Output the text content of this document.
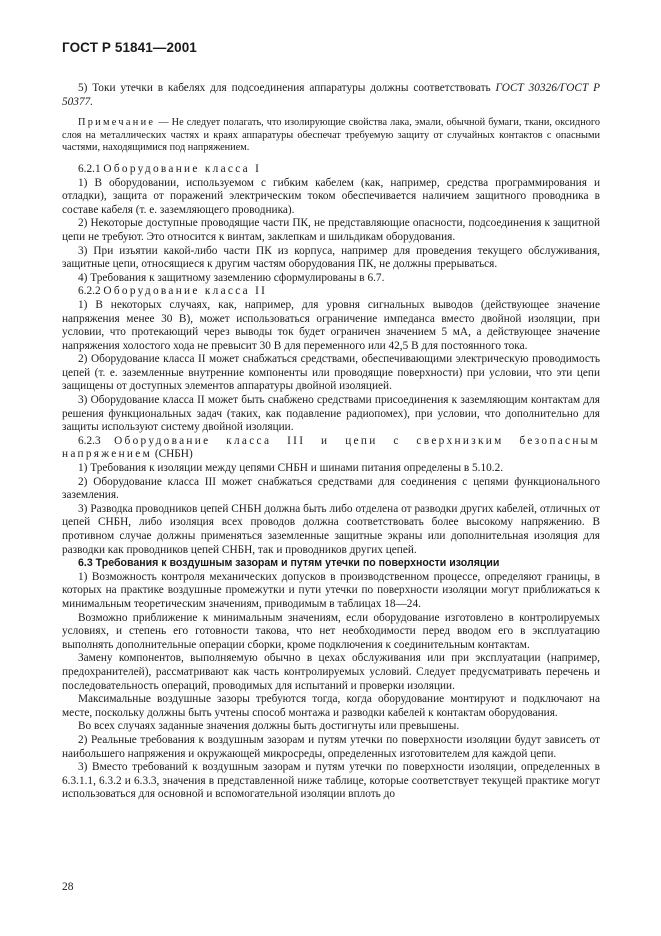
ГОСТ Р 51841—2001

5) Токи утечки в кабелях для подсоединения аппаратуры должны соответствовать ГОСТ 30326/ГОСТ Р 50377.

Примечание — Не следует полагать, что изолирующие свойства лака, эмали, обычной бумаги, ткани, оксидного слоя на металлических частях и краях аппаратуры обеспечат требуемую защиту от случайных контактов с опасными частями, находящимися под напряжением.

6.2.1 Оборудование класса I

1) В оборудовании, используемом с гибким кабелем (как, например, средства программирования и отладки), защита от поражений электрическим током обеспечивается наличием защитного проводника в составе кабеля (т. е. заземляющего проводника).

2) Некоторые доступные проводящие части ПК, не представляющие опасности, подсоединения к защитной цепи не требуют. Это относится к винтам, заклепкам и шильдикам оборудования.

3) При изъятии какой-либо части ПК из корпуса, например для проведения текущего обслуживания, защитные цепи, относящиеся к другим частям оборудования ПК, не должны прерываться.

4) Требования к защитному заземлению сформулированы в 6.7.

6.2.2 Оборудование класса II

1) В некоторых случаях, как, например, для уровня сигнальных выводов (действующее значение напряжения менее 30 В), может использоваться ограничение импеданса вместо двойной изоляции, при условии, что протекающий через выводы ток будет ограничен значением 5 мА, а действующее значение напряжения холостого хода не превысит 30 В для переменного или 42,5 В для постоянного тока.

2) Оборудование класса II может снабжаться средствами, обеспечивающими электрическую проводимость цепей (т. е. заземленные внутренние компоненты или проводящие поверхности) при условии, что эти цепи защищены от доступных элементов аппаратуры двойной изоляцией.

3) Оборудование класса II может быть снабжено средствами присоединения к заземляющим контактам для решения функциональных задач (таких, как подавление радиопомех), при условии, что дополнительно для защиты используют систему двойной изоляции.

6.2.3 Оборудование класса III и цепи с сверхнизким безопасным напряжением (СНБН)

1) Требования к изоляции между цепями СНБН и шинами питания определены в 5.10.2.

2) Оборудование класса III может снабжаться средствами для соединения с цепями функционального заземления.

3) Разводка проводников цепей СНБН должна быть либо отделена от разводки других кабелей, отличных от цепей СНБН, либо изоляция всех проводов должна соответствовать более высокому напряжению. В противном случае должны применяться заземленные защитные экраны или дополнительная изоляция для разводки как проводников цепей СНБН, так и проводников других цепей.

6.3 Требования к воздушным зазорам и путям утечки по поверхности изоляции

1) Возможность контроля механических допусков в производственном процессе, определяют границы, в которых на практике воздушные промежутки и пути утечки по поверхности изоляции могут приближаться к минимальным теоретическим значениям, приводимым в таблицах 18—24.

Возможно приближение к минимальным значениям, если оборудование изготовлено в контролируемых условиях, и степень его готовности такова, что нет необходимости перед вводом его в эксплуатацию выполнять дополнительные операции сборки, кроме подключения к соединительным контактам.

Замену компонентов, выполняемую обычно в цехах обслуживания или при эксплуатации (например, предохранителей), рассматривают как часть контролируемых условий. Следует предусматривать перечень и последовательность операций, проводимых для испытаний и проверки изоляции.

Максимальные воздушные зазоры требуются тогда, когда оборудование монтируют и подключают на месте, поскольку должны быть учтены способ монтажа и разводки кабелей к контактам оборудования.

Во всех случаях заданные значения должны быть достигнуты или превышены.

2) Реальные требования к воздушным зазорам и путям утечки по поверхности изоляции будут зависеть от наибольшего напряжения и окружающей микросреды, определенных изготовителем для каждой цепи.

3) Вместо требований к воздушным зазорам и путям утечки по поверхности изоляции, определенных в 6.3.1.1, 6.3.2 и 6.3.3, значения в представленной ниже таблице, которые соответствует текущей практике могут использоваться для основной и вспомогательной изоляции вплоть до

28
